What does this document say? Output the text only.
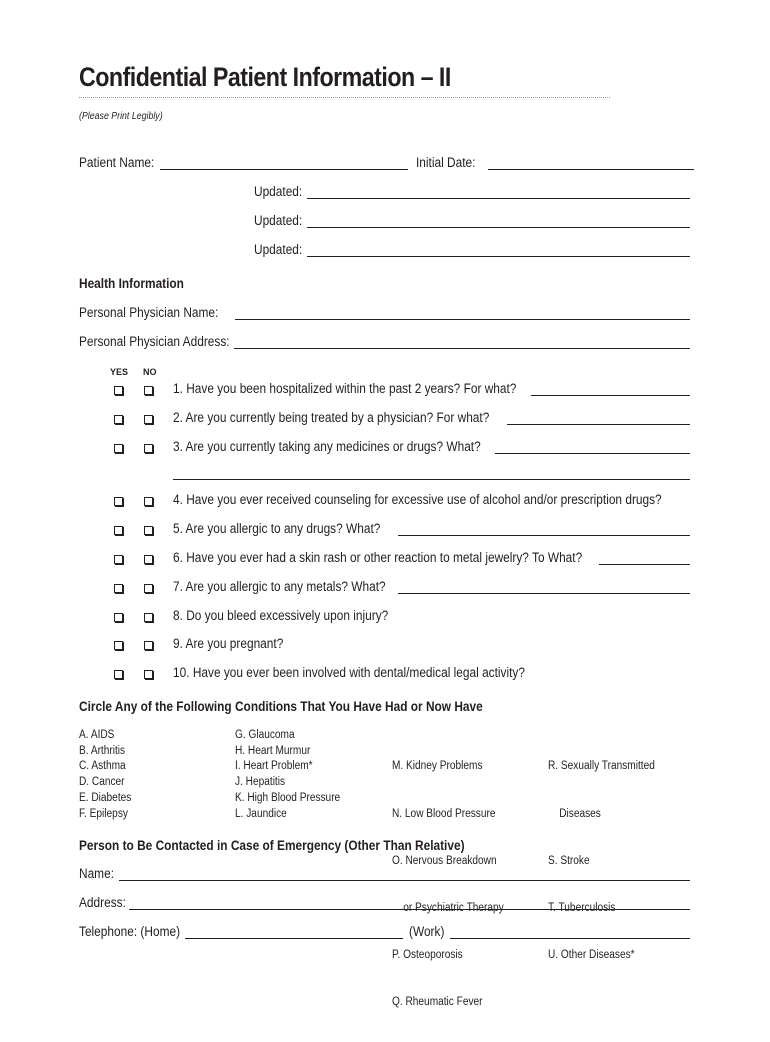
Confidential Patient Information – II
(Please Print Legibly)
Patient Name:	Initial Date:
Updated:
Updated:
Updated:
Health Information
Personal Physician Name:
Personal Physician Address:
YES NO
1. Have you been hospitalized within the past 2 years? For what?
2. Are you currently being treated by a physician? For what?
3. Are you currently taking any medicines or drugs? What?
4. Have you ever received counseling for excessive use of alcohol and/or prescription drugs?
5. Are you allergic to any drugs? What?
6. Have you ever had a skin rash or other reaction to metal jewelry? To What?
7. Are you allergic to any metals? What?
8. Do you bleed excessively upon injury?
9. Are you pregnant?
10. Have you ever been involved with dental/medical legal activity?
Circle Any of the Following Conditions That You Have Had or Now Have
A. AIDS
B. Arthritis
C. Asthma
D. Cancer
E. Diabetes
F. Epilepsy
G. Glaucoma
H. Heart Murmur
I. Heart Problem*
J. Hepatitis
K. High Blood Pressure
L. Jaundice

M. Kidney Problems

N. Low Blood Pressure

O. Nervous Breakdown

or Psychiatric Therapy

P. Osteoporosis

Q. Rheumatic Fever

R. Sexually Transmitted

Diseases

S. Stroke

T. Tuberculosis

U. Other Diseases*

Person to Be Contacted in Case of Emergency (Other Than Relative)
Name:
Address:
Telephone: (Home)	(Work)
